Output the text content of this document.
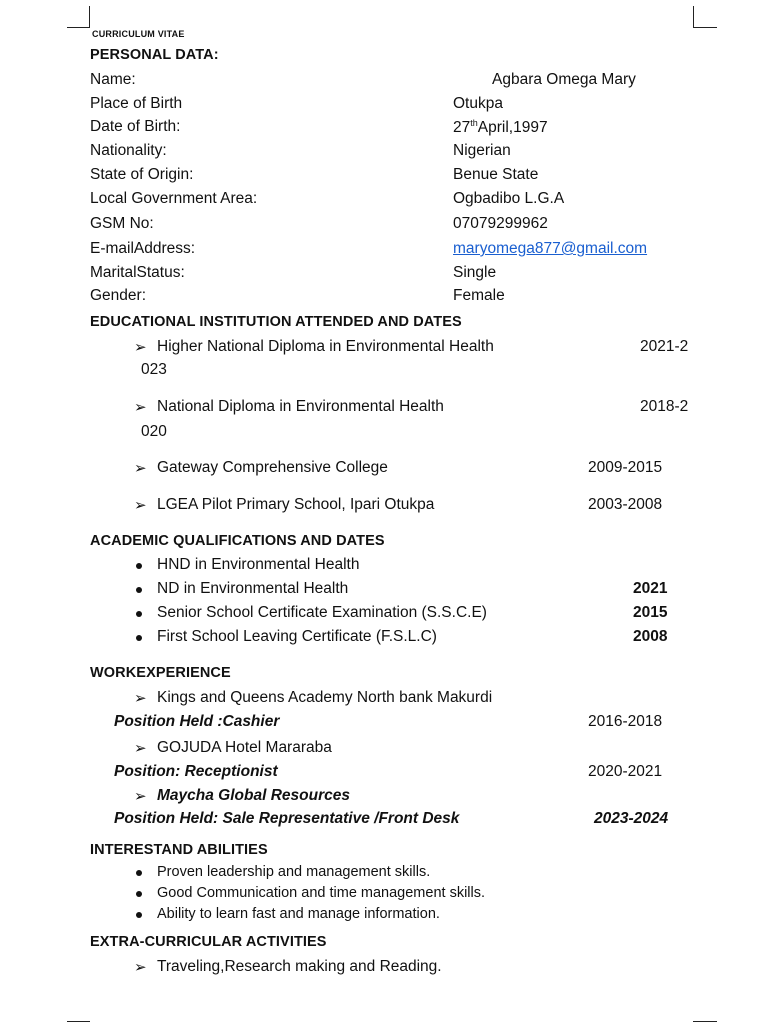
CURRICULUM VITAE
PERSONAL DATA:
Name:	Agbara Omega Mary
Place of Birth	Otukpa
Date of Birth:	27thApril,1997
Nationality:	Nigerian
State of Origin:	Benue State
Local Government Area:	Ogbadibo L.G.A
GSM No:	07079299962
E-mailAddress:	maryomega877@gmail.com
MaritalStatus:	Single
Gender:	Female
EDUCATIONAL INSTITUTION ATTENDED AND DATES
➢ Higher National Diploma in Environmental Health	2021-2
023
➢ National Diploma in Environmental Health	2018-2
020
➢ Gateway Comprehensive College	2009-2015
➢ LGEA Pilot Primary School, Ipari Otukpa	2003-2008
ACADEMIC QUALIFICATIONS AND DATES
HND in Environmental Health
ND in Environmental Health	2021
Senior School Certificate Examination (S.S.C.E)	2015
First School Leaving Certificate (F.S.L.C)	2008
WORKEXPERIENCE
➢ Kings and Queens Academy North bank Makurdi
Position Held :Cashier	2016-2018
➢ GOJUDA Hotel Mararaba
Position: Receptionist	2020-2021
➢ Maycha Global Resources
Position Held: Sale Representative /Front Desk	2023-2024
INTERESTAND ABILITIES
Proven leadership and management skills.
Good Communication and time management skills.
Ability to learn fast and manage information.
EXTRA-CURRICULAR ACTIVITIES
➢ Traveling,Research making and Reading.
